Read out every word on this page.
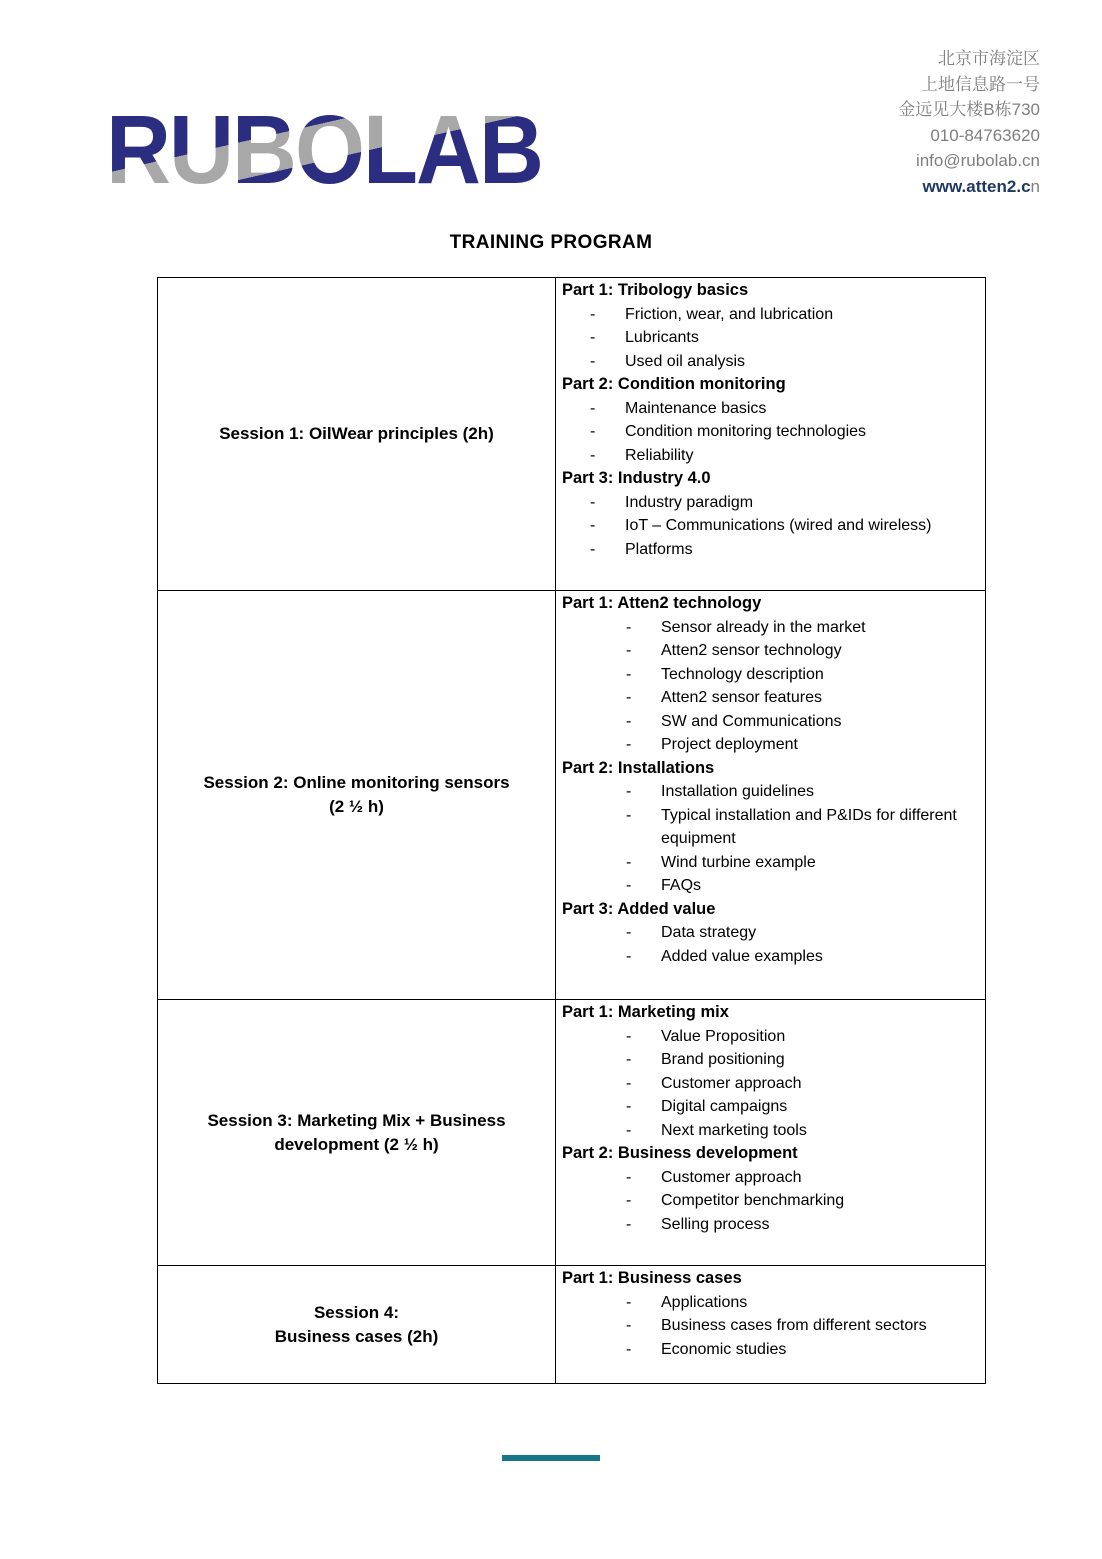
RUBOLAB
北京市海淀区
上地信息路一号
金远见大楼B栋730
010-84763620
info@rubolab.cn
www.atten2.cn
TRAINING PROGRAM
Session 1: OilWear principles (2h)

Part 1: Tribology basics
-	Friction, wear, and lubrication
-	Lubricants
-	Used oil analysis
Part 2: Condition monitoring
-	Maintenance basics
-	Condition monitoring technologies
-	Reliability
Part 3: Industry 4.0
-	Industry paradigm
-	IoT – Communications (wired and wireless)
-	Platforms

Session 2: Online monitoring sensors
(2 ½ h)

Part 1: Atten2 technology
-	Sensor already in the market
-	Atten2 sensor technology
-	Technology description
-	Atten2 sensor features
-	SW and Communications
-	Project deployment
Part 2: Installations
-	Installation guidelines
-	Typical installation and P&IDs for different equipment
-	Wind turbine example
-	FAQs
Part 3: Added value
-	Data strategy
-	Added value examples

Session 3: Marketing Mix + Business
development (2 ½ h)

Part 1: Marketing mix
-	Value Proposition
-	Brand positioning
-	Customer approach
-	Digital campaigns
-	Next marketing tools
Part 2: Business development
-	Customer approach
-	Competitor benchmarking
-	Selling process

Session 4:
Business cases (2h)

Part 1: Business cases
-	Applications
-	Business cases from different sectors
-	Economic studies
